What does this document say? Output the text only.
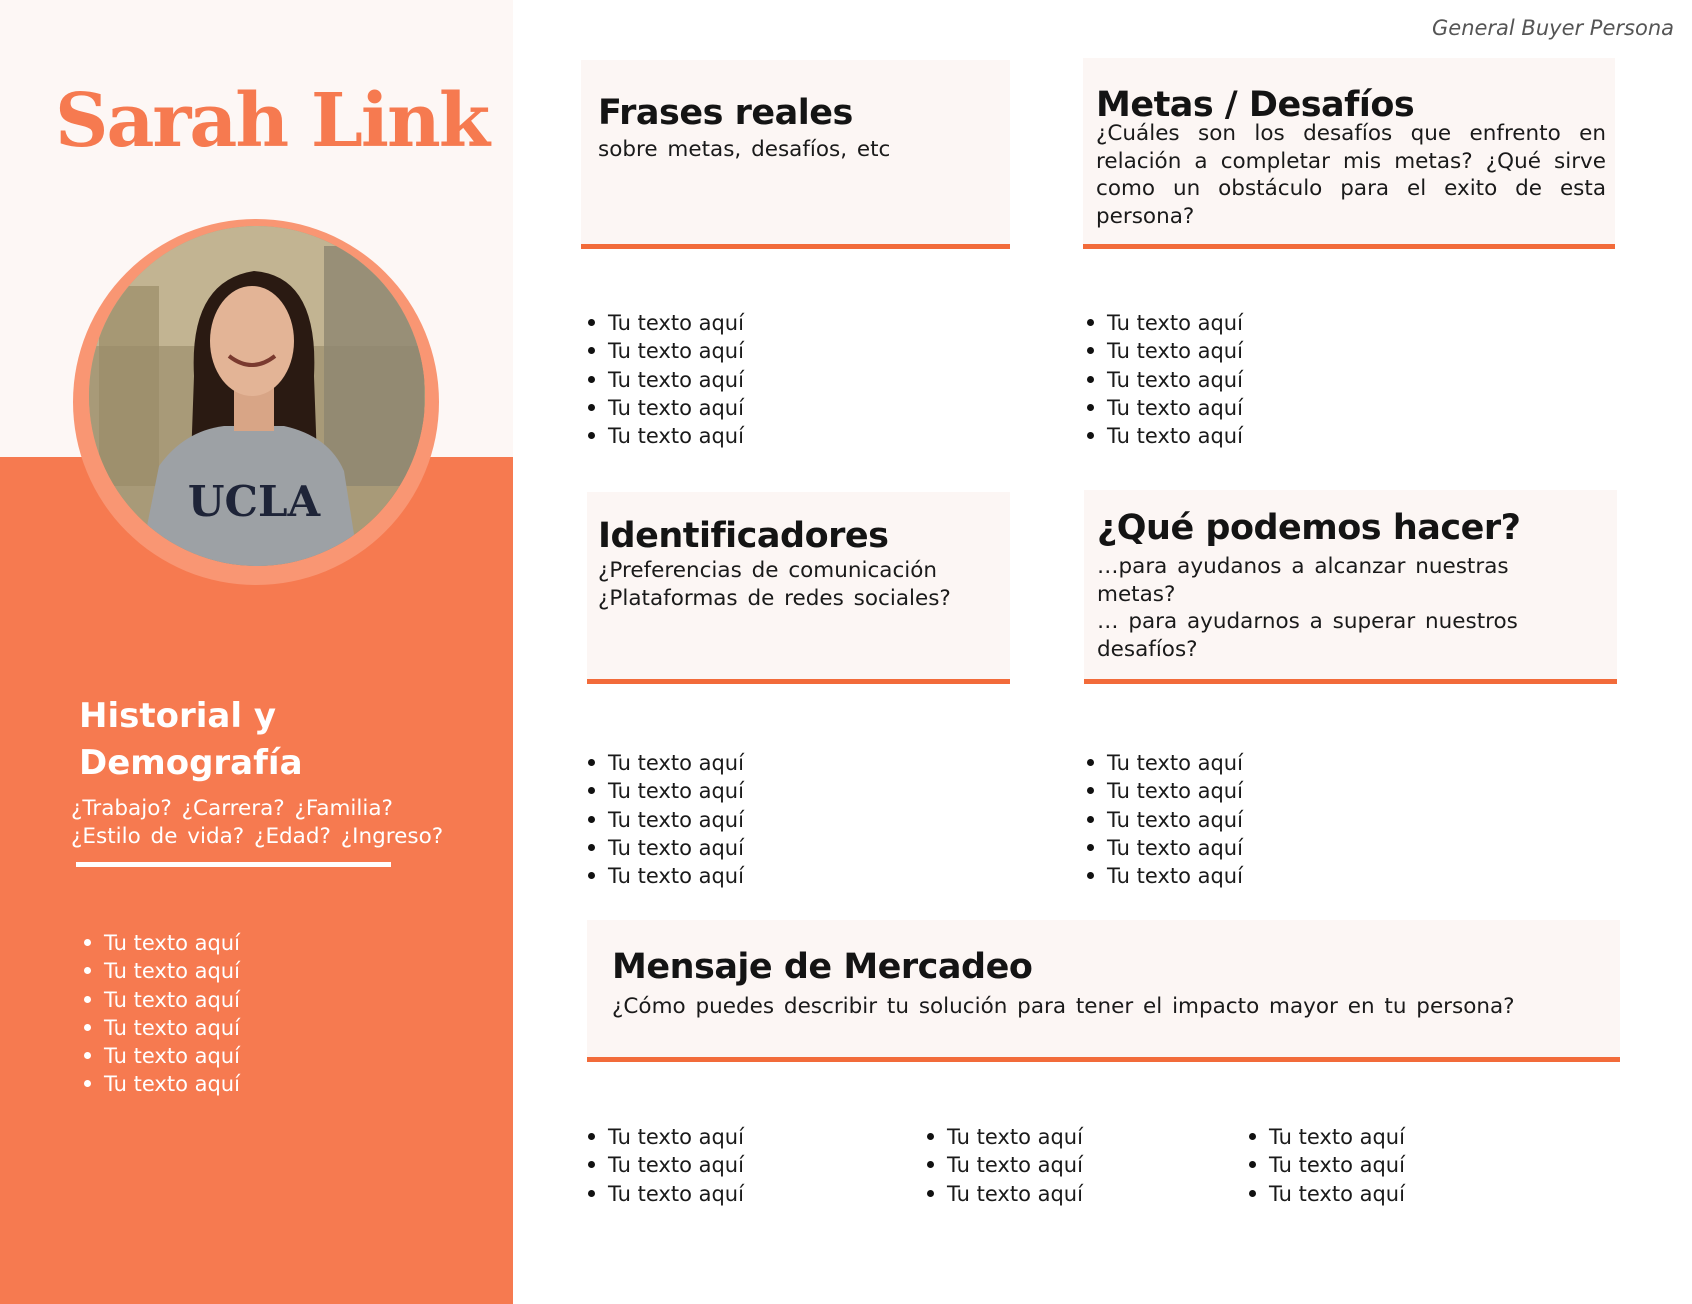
Sarah Link
UCLA

Historial y Demografía

¿Trabajo? ¿Carrera? ¿Familia?
¿Estilo de vida? ¿Edad? ¿Ingreso?

Tu texto aquí
Tu texto aquí
Tu texto aquí
Tu texto aquí
Tu texto aquí
Tu texto aquí

General Buyer Persona

Frases reales

sobre metas, desafíos, etc

Tu texto aquí
Tu texto aquí
Tu texto aquí
Tu texto aquí
Tu texto aquí
Metas / Desafíos

¿Cuáles son los desafíos que enfrento en relación a completar mis metas? ¿Qué sirve como un obstáculo para el exito de esta persona?

Tu texto aquí
Tu texto aquí
Tu texto aquí
Tu texto aquí
Tu texto aquí
Identificadores

¿Preferencias de comunicación
¿Plataformas de redes sociales?

Tu texto aquí
Tu texto aquí
Tu texto aquí
Tu texto aquí
Tu texto aquí
¿Qué podemos hacer?

…para ayudanos a alcanzar nuestras metas?
… para ayudarnos a superar nuestros desafíos?

Tu texto aquí
Tu texto aquí
Tu texto aquí
Tu texto aquí
Tu texto aquí
Mensaje de Mercadeo

¿Cómo puedes describir tu solución para tener el impacto mayor en tu persona?

Tu texto aquí
Tu texto aquí
Tu texto aquí
Tu texto aquí
Tu texto aquí
Tu texto aquí
Tu texto aquí
Tu texto aquí
Tu texto aquí
